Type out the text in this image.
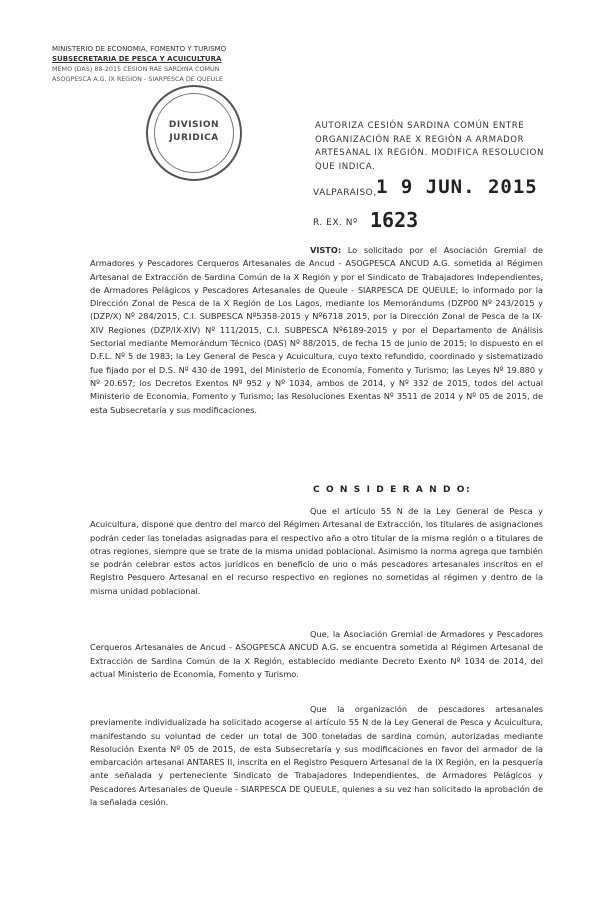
MINISTERIO DE ECONOMIA, FOMENTO Y TURISMO
SUBSECRETARIA DE PESCA Y ACUICULTURA
MEMO (DAS) 88-2015 CESION RAE SARDINA COMUN
ASOGPESCA A.G. IX REGION - SIARPESCA DE QUEULE
DIVISION
JURIDICA
AUTORIZA CESIÓN SARDINA COMÚN ENTRE ORGANIZACIÓN RAE X REGIÓN A ARMADOR ARTESANAL IX REGIÓN. MODIFICA RESOLUCION QUE INDICA.
VALPARAISO, 1 9 JUN. 2015
R. EX. Nº 1623

VISTO: Lo solicitado por el Asociación Gremial de Armadores y Pescadores Cerqueros Artesanales de Ancud - ASOGPESCA ANCUD A.G. sometida al Régimen Artesanal de Extracción de Sardina Común de la X Región y por el Sindicato de Trabajadores Independientes, de Armadores Pelágicos y Pescadores Artesanales de Queule - SIARPESCA DE QUEULE; lo informado por la Dirección Zonal de Pesca de la X Región de Los Lagos, mediante los Memorándums (DZP00 Nº 243/2015 y (DZP/X) Nº 284/2015, C.I. SUBPESCA Nº5358-2015 y Nº6718 2015, por la Dirección Zonal de Pesca de la IX-XIV Regiones (DZP/IX-XIV) Nº 111/2015, C.I. SUBPESCA Nº6189-2015 y por el Departamento de Análisis Sectorial mediante Memorándum Técnico (DAS) Nº 88/2015, de fecha 15 de junio de 2015; lo dispuesto en el D.F.L. Nº 5 de 1983; la Ley General de Pesca y Acuicultura, cuyo texto refundido, coordinado y sistematizado fue fijado por el D.S. Nº 430 de 1991, del Ministerio de Economía, Fomento y Turismo; las Leyes Nº 19.880 y Nº 20.657; los Decretos Exentos Nº 952 y Nº 1034, ambos de 2014, y Nº 332 de 2015, todos del actual Ministerio de Economía, Fomento y Turismo; las Resoluciones Exentas Nº 3511 de 2014 y Nº 05 de 2015, de esta Subsecretaría y sus modificaciones.

C O N S I D E R A N D O:

Que el artículo 55 N de la Ley General de Pesca y Acuicultura, dispone que dentro del marco del Régimen Artesanal de Extracción, los titulares de asignaciones podrán ceder las toneladas asignadas para el respectivo año a otro titular de la misma región o a titulares de otras regiones, siempre que se trate de la misma unidad poblacional. Asimismo la norma agrega que también se podrán celebrar estos actos jurídicos en beneficio de uno o más pescadores artesanales inscritos en el Registro Pesquero Artesanal en el recurso respectivo en regiones no sometidas al régimen y dentro de la misma unidad poblacional.

Que, la Asociación Gremial de Armadores y Pescadores Cerqueros Artesanales de Ancud - ASOGPESCA ANCUD A.G. se encuentra sometida al Régimen Artesanal de Extracción de Sardina Común de la X Región, establecido mediante Decreto Exento Nº 1034 de 2014, del actual Ministerio de Economía, Fomento y Turismo.

Que la organización de pescadores artesanales previamente individualizada ha solicitado acogerse al artículo 55 N de la Ley General de Pesca y Acuicultura, manifestando su voluntad de ceder un total de 300 toneladas de sardina común, autorizadas mediante Resolución Exenta Nº 05 de 2015, de esta Subsecretaría y sus modificaciones en favor del armador de la embarcación artesanal ANTARES II, inscrita en el Registro Pesquero Artesanal de la IX Región, en la pesquería ante señalada y perteneciente Sindicato de Trabajadores Independientes, de Armadores Pelágicos y Pescadores Artesanales de Queule - SIARPESCA DE QUEULE, quienes a su vez han solicitado la aprobación de la señalada cesión.
